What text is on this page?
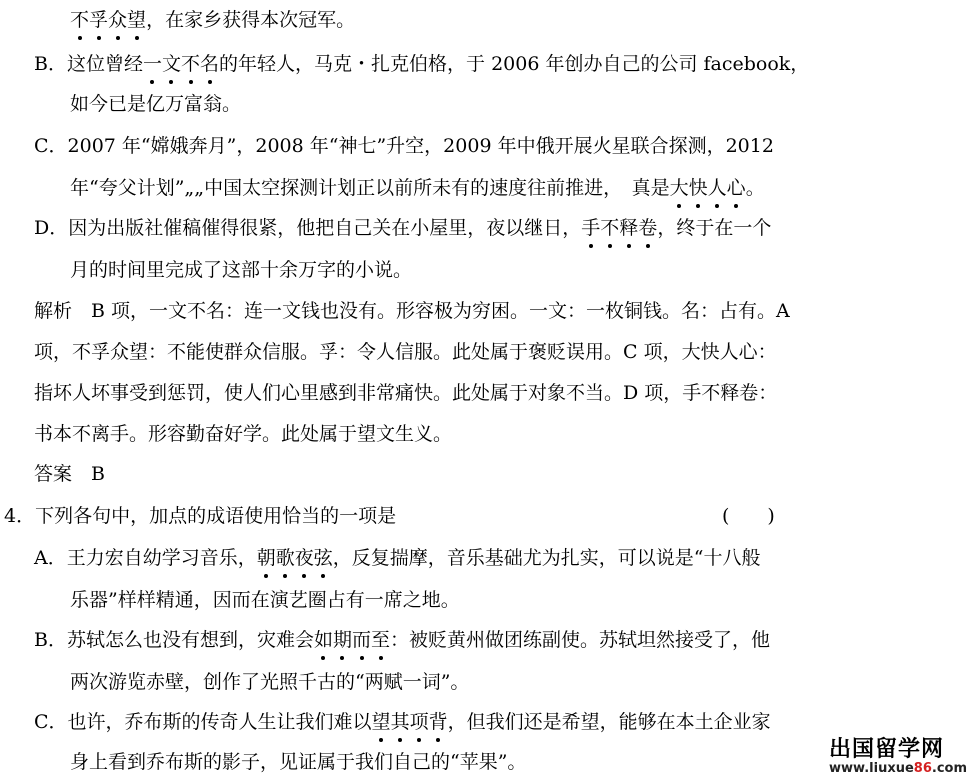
不孚众望，在家乡获得本次冠军。
B．这位曾经一文不名的年轻人，马克・扎克伯格，于 2006 年创办自己的公司 facebook，
如今已是亿万富翁。
C．2007 年“嫦娥奔月”，2008 年“神七”升空，2009 年中俄开展火星联合探测，2012
年“夸父计划”„„中国太空探测计划正以前所未有的速度往前推进，　真是大快人心。
D．因为出版社催稿催得很紧，他把自己关在小屋里，夜以继日，手不释卷，终于在一个
月的时间里完成了这部十余万字的小说。
解析　B 项，一文不名：连一文钱也没有。形容极为穷困。一文：一枚铜钱。名：占有。A
项，不孚众望：不能使群众信服。孚：令人信服。此处属于褒贬误用。C 项，大快人心：
指坏人坏事受到惩罚，使人们心里感到非常痛快。此处属于对象不当。D 项，手不释卷：
书本不离手。形容勤奋好学。此处属于望文生义。
答案　B
4．下列各句中，加点的成语使用恰当的一项是	(　　)
A．王力宏自幼学习音乐，朝歌夜弦，反复揣摩，音乐基础尤为扎实，可以说是“十八般
乐器”样样精通，因而在演艺圈占有一席之地。
B．苏轼怎么也没有想到，灾难会如期而至：被贬黄州做团练副使。苏轼坦然接受了，他
两次游览赤壁，创作了光照千古的“两赋一词”。
C．也许，乔布斯的传奇人生让我们难以望其项背，但我们还是希望，能够在本土企业家
身上看到乔布斯的影子，见证属于我们自己的“苹果”。	出国留学网
www.liuxue86.com
